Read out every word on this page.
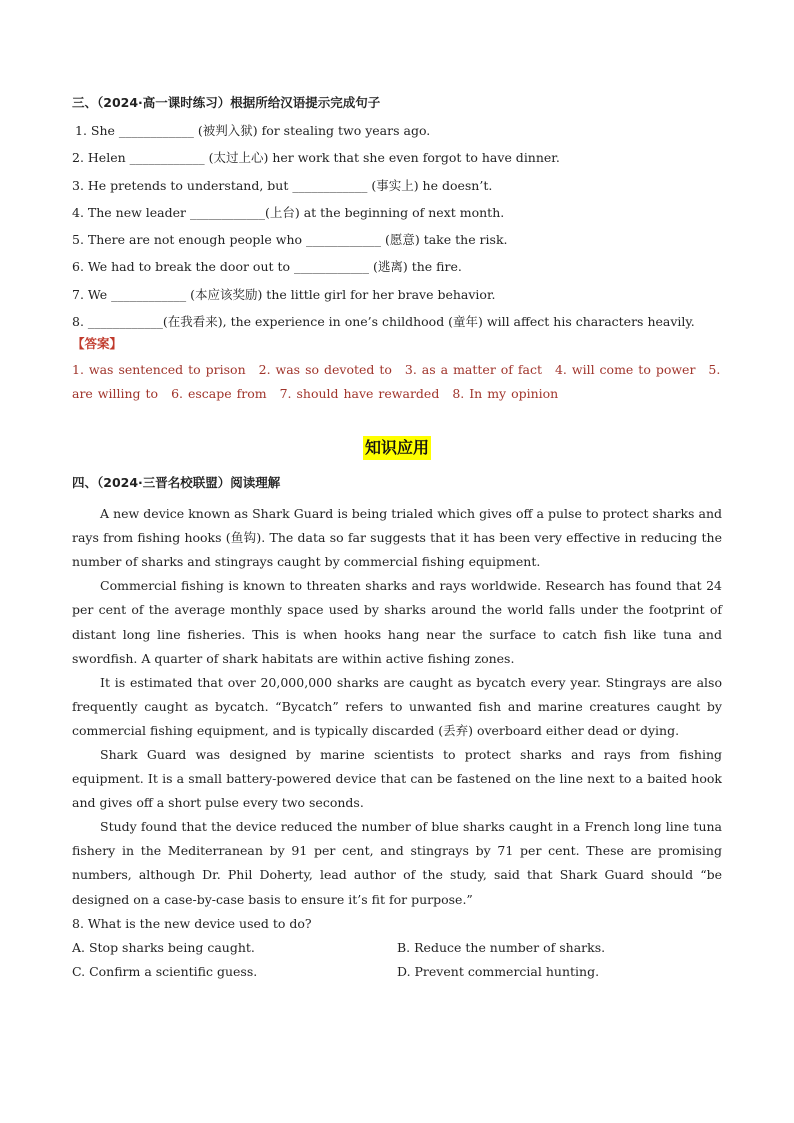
三、（2024·高一课时练习）根据所给汉语提示完成句子
1. She ____________ (被判入狱) for stealing two years ago.
2. Helen ____________ (太过上心) her work that she even forgot to have dinner.
3. He pretends to understand, but ____________ (事实上) he doesn’t.
4. The new leader ____________(上台) at the beginning of next month.
5. There are not enough people who ____________ (愿意) take the risk.
6. We had to break the door out to ____________ (逃离) the fire.
7. We ____________ (本应该奖励) the little girl for her brave behavior.
8. ____________(在我看来), the experience in one’s childhood (童年) will affect his characters heavily.
【答案】
1. was sentenced to prison 2. was so devoted to 3. as a matter of fact 4. will come to power 5. are willing to 6. escape from 7. should have rewarded 8. In my opinion
知识应用
四、（2024·三晋名校联盟）阅读理解

A new device known as Shark Guard is being trialed which gives off a pulse to protect sharks and rays from fishing hooks (鱼钩). The data so far suggests that it has been very effective in reducing the number of sharks and stingrays caught by commercial fishing equipment.

Commercial fishing is known to threaten sharks and rays worldwide. Research has found that 24 per cent of the average monthly space used by sharks around the world falls under the footprint of distant long line fisheries. This is when hooks hang near the surface to catch fish like tuna and swordfish. A quarter of shark habitats are within active fishing zones.

It is estimated that over 20,000,000 sharks are caught as bycatch every year. Stingrays are also frequently caught as bycatch. “Bycatch” refers to unwanted fish and marine creatures caught by commercial fishing equipment, and is typically discarded (丢弃) overboard either dead or dying.

Shark Guard was designed by marine scientists to protect sharks and rays from fishing equipment. It is a small battery-powered device that can be fastened on the line next to a baited hook and gives off a short pulse every two seconds.

Study found that the device reduced the number of blue sharks caught in a French long line tuna fishery in the Mediterranean by 91 per cent, and stingrays by 71 per cent. These are promising numbers, although Dr. Phil Doherty, lead author of the study, said that Shark Guard should “be designed on a case-by-case basis to ensure it’s fit for purpose.”

8. What is the new device used to do?

A. Stop sharks being caught.	B. Reduce the number of sharks.
C. Confirm a scientific guess.	D. Prevent commercial hunting.
